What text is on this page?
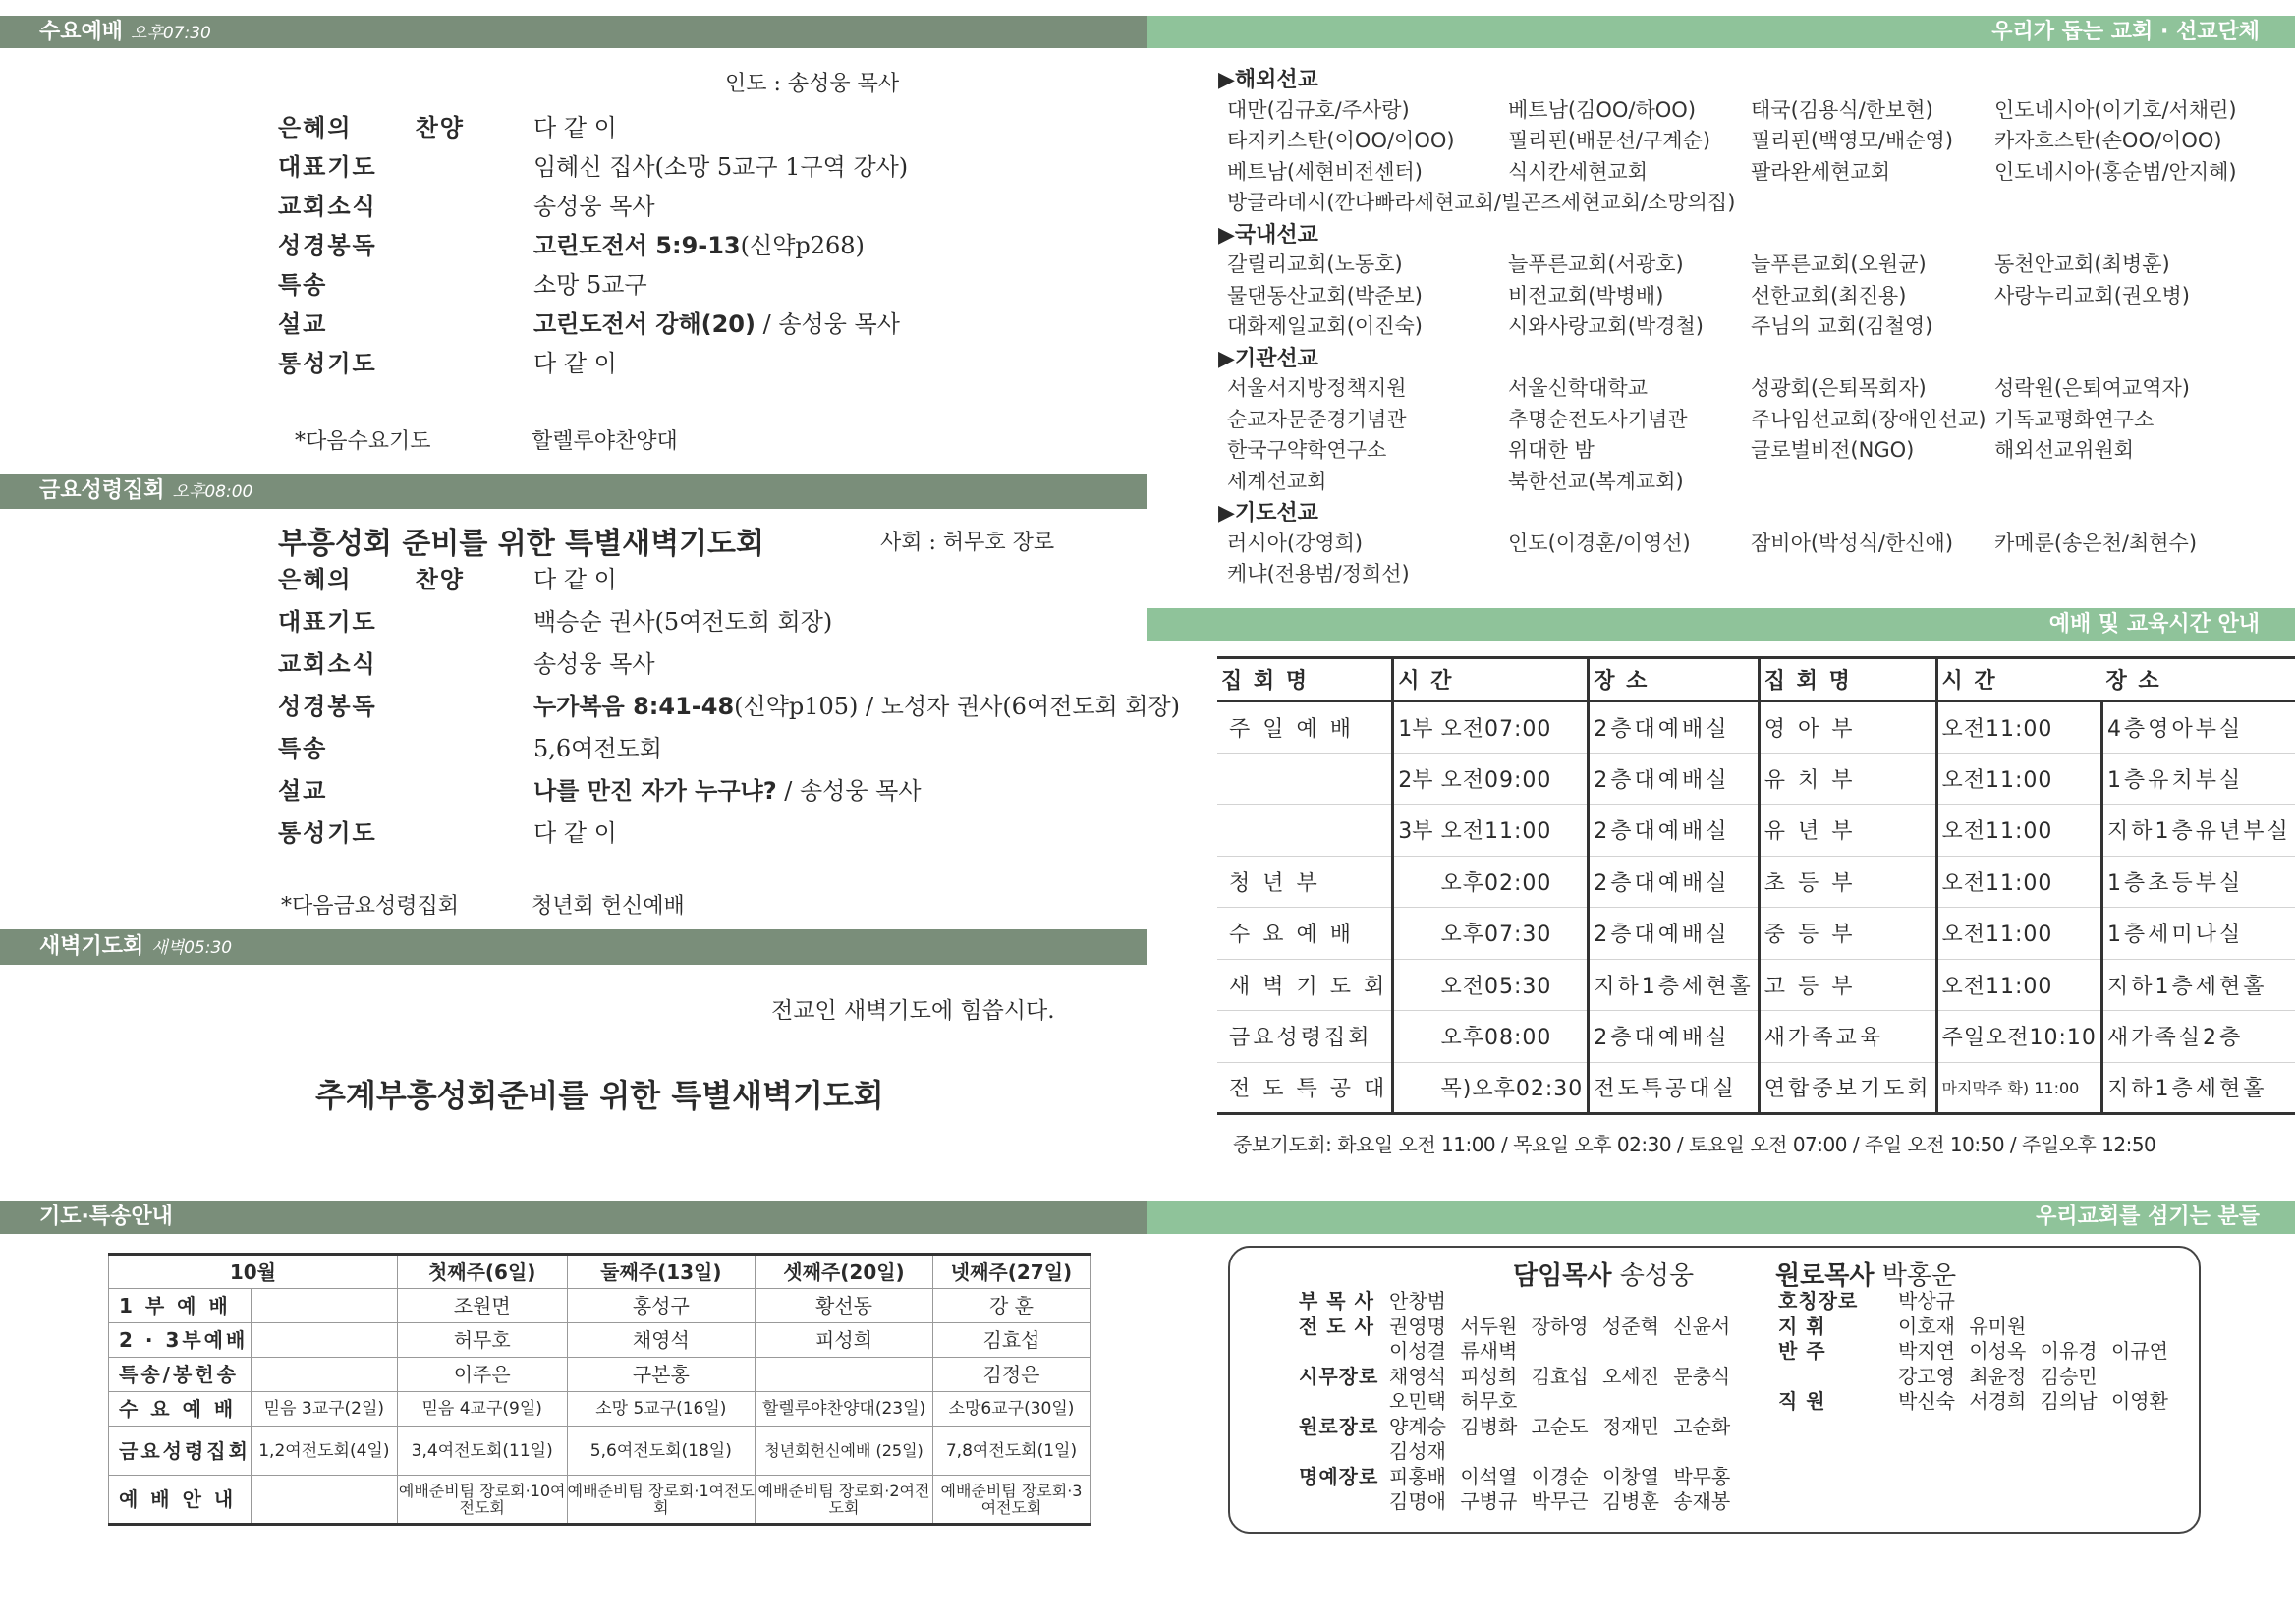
수요예배 오후07:30
인도 : 송성웅 목사
은혜의 찬양	다 같 이
대표기도	임혜신 집사(소망 5교구 1구역 강사)
교회소식	송성웅 목사
성경봉독	고린도전서 5:9-13(신약p268)
특송	소망 5교구
설교	고린도전서 강해(20) / 송성웅 목사
통성기도	다 같 이
*다음수요기도	할렐루야찬양대
금요성령집회 오후08:00
부흥성회 준비를 위한 특별새벽기도회	사회 : 허무호 장로
은혜의 찬양	다 같 이
대표기도	백승순 권사(5여전도회 회장)
교회소식	송성웅 목사
성경봉독	누가복음 8:41-48(신약p105) / 노성자 권사(6여전도회 회장)
특송	5,6여전도회
설교	나를 만진 자가 누구냐? / 송성웅 목사
통성기도	다 같 이
*다음금요성령집회	청년회 헌신예배
새벽기도회 새벽05:30
전교인 새벽기도에 힘씁시다.
추계부흥성회준비를 위한 특별새벽기도회
우리가 돕는 교회 · 선교단체
▶해외선교
대만(김규호/주사랑)	베트남(김OO/하OO)	태국(김용식/한보현)	인도네시아(이기호/서채린)
타지키스탄(이OO/이OO)	필리핀(배문선/구계순) 필리핀(백영모/배순영) 카자흐스탄(손OO/이OO)
베트남(세현비전센터)	식시칸세현교회	팔라완세현교회	인도네시아(홍순범/안지혜)
방글라데시(깐다빠라세현교회/빌곤즈세현교회/소망의집)
▶국내선교
갈릴리교회(노동호)	늘푸른교회(서광호)	늘푸른교회(오원균)	동천안교회(최병훈)
물댄동산교회(박준보)	비전교회(박병배)	선한교회(최진용)	사랑누리교회(권오병)
대화제일교회(이진숙)	시와사랑교회(박경철) 주님의 교회(김철영)
▶기관선교
서울서지방정책지원	서울신학대학교	성광회(은퇴목회자)	성락원(은퇴여교역자)
순교자문준경기념관	추명순전도사기념관	주나임선교회(장애인선교) 기독교평화연구소
한국구약학연구소	위대한 밤	글로벌비전(NGO)	해외선교위원회
세계선교회	북한선교(복계교회)
▶기도선교
러시아(강영희)	인도(이경훈/이영선)	잠비아(박성식/한신애) 카메룬(송은천/최현수)
케냐(전용범/정희선)
예배 및 교육시간 안내
집 회 명	시 간		장 소	집 회 명	시 간	장 소
주 일 예 배	1부	오전07:00	2층대예배실	영 아 부	오전11:00	4층영아부실
	2부	오전09:00	2층대예배실	유 치 부	오전11:00	1층유치부실
	3부	오전11:00	2층대예배실	유 년 부	오전11:00	지하1층유년부실
청 년 부		오후02:00	2층대예배실	초 등 부	오전11:00	1층초등부실
수 요 예 배		오후07:30	2층대예배실	중 등 부	오전11:00	1층세미나실
새 벽 기 도 회		오전05:30	지하1층세현홀	고 등 부	오전11:00	지하1층세현홀
금요성령집회		오후08:00	2층대예배실	새가족교육	주일오전10:10	새가족실2층
전 도 특 공 대		목)오후02:30	전도특공대실	연합중보기도회	마지막주 화) 11:00	지하1층세현홀
중보기도회: 화요일 오전 11:00 / 목요일 오후 02:30 / 토요일 오전 07:00 / 주일 오전 10:50 / 주일오후 12:50
기도·특송안내
10월		첫째주(6일)	둘째주(13일)	셋째주(20일)	넷째주(27일)
1 부 예 배		조원면	홍성구	황선동	강 훈
2 · 3부예배		허무호	채영석	피성희	김효섭
특송/봉헌송		이주은	구본홍		김정은
수 요 예 배	믿음 3교구(2일)	믿음 4교구(9일)	소망 5교구(16일)	할렐루야찬양대(23일)	소망6교구(30일)
금요성령집회	1,2여전도회(4일)	3,4여전도회(11일)	5,6여전도회(18일)	청년회헌신예배 (25일)	7,8여전도회(1일)
예 배 안 내		예배준비팀 장로회·10여전도회	예배준비팀 장로회·1여전도회	예배준비팀 장로회·2여전도회	예배준비팀 장로회·3여전도회
우리교회를 섬기는 분들
담임목사 송성웅	원로목사 박홍운
부 목 사 안창범
전 도 사 권영명 서두원 장하영 성준혁 신윤서
이성결 류새벽
시무장로 채영석 피성희 김효섭 오세진 문충식
오민택 허무호
원로장로 양계승 김병화 고순도 정재민 고순화
김성재
명예장로 피홍배 이석열 이경순 이창열 박무홍
김명애 구병규 박무근 김병훈 송재봉
호칭장로 박상규
지 휘	이호재 유미원
반 주	박지연 이성옥 이유경 이규연
강고영 최윤정 김승민
직 원	박신숙 서경희 김의남 이영환
